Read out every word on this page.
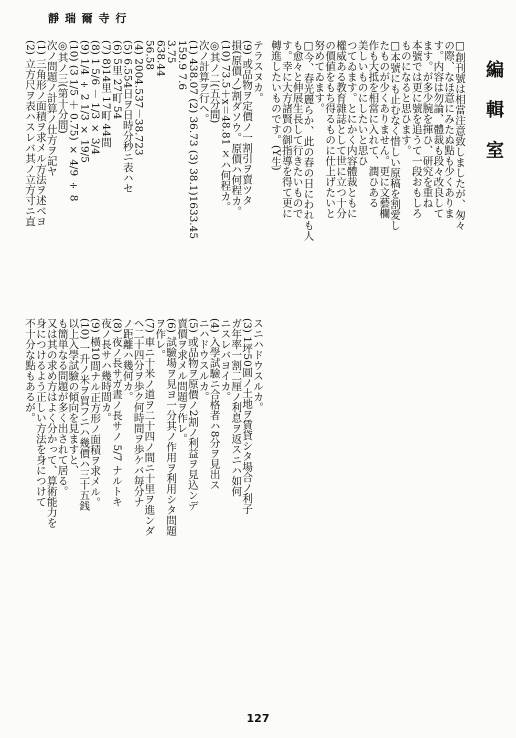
靜 瑞 爾 寺 行
テラスヌカ。
(9) 或品物ヲ定價ノ一割引ヲ賣ツタ
損(原價ノ)割ダソウ。原價ハ何程カ。
(10) 73.5＋x＝48.81 ｘハ何程カ。
◎其ノ二(五分間)
次ノ計算ヲ行ヘ。
(1) 438.07 (2) 36.73 (3) 38.1)1633.45
159.9 7.6
3.75
638.44
56.58
(4) 2004.537－38.723
(5) 6.554日ヲ日時分秒ニ表ハセ
(6) 5里 27町 54
(7) 8)14里 17町 44間
(8) 1 5/6 － 1/3 × 3/4
(9) 1/4 ÷ 2 1/3 × 19/5
(10) (3 1/5 ＋ 0.75) × 4/9 ÷ 8
◎其ノ三(第十分間)
次ノ問題ノ計算ノ仕方ヲ記ヤ
(1) 三角形ノ面積ヲ求メル方法ヲ述ベヨ
(2) 立方尺ヲ表ハスレバ其ノ立方寸ニ直
スニハドウスルカ。
(3) 1坪50圓ノ土地ヲ賃貸シタ場合ノ利子
ガ年率一割二厘ノ利息ヲ返スニハ如何
ニスレバヨイカ。
(4) 入學試驗ニ合格者ハ8分ヲ見出ス
ニハドウスルカ。
(5) 或品物ヲ原價ノ2割ノ利益ヲ見込ンデ
賣價ヲ求メル問題ヲ作レ。
(6) 試驗場ヲ見ヨ一分其ノ作用ヲ利用シタ問題
ヲ作レ。
(7) 車ニ十米ノ道ヲ二十四ノ間ニ十里ヲ進ンダ
ヘ二十四分ヲ歩ク何時間ヲ歩ケバ毎分ナ
ノ距離ハ幾何カ。
(8) 夜ノ長サガ晝ノ長サノ 5/7 ナルトキ
夜ノ長サハ幾時間カ。
(9) 橫10間ナル正方形ノ面積ヲ求メル。
(10) 一升ノ米ヲ買フニハ幾價ハ三十五銭
以上入學試驗の傾向を見ますと、
も簡単なる問題が多く出されて居る。
又は其の求め方はよく分かって、算術能力を
身につけるよう正しい方法を身につけて
不十分な點もあるが。
編 輯 室
□創刊號は相當注意致しましたが、匆々
の際、なほ意にみたぬ點も少くありま
す。内容は勿論、體裁も段々改良して
ます。が多少腕を揮ひ、研究を重ね
本號では更に號を追うて一段おもしろ
ものになると思ひます。
□本號にも止むなく惜しい原稿を割愛し
たものが少くありません。更に文藝欄
作も大抵を相當に入れて、潤ひある
美しいものにしたいと思ひ
つてゐます。とにかく内容體裁ともに
權威ある教育雜誌として世に立つ十分
の價値をもち得るものに仕上げたいと
努めてゐます。
□今、春光麗らか、此の春の日にわれも人
も愈々と伸展生長して行きたいもので
す。幸に大方諸賢の御指導を得て更に
轉進したいものです。(Y生)
127
